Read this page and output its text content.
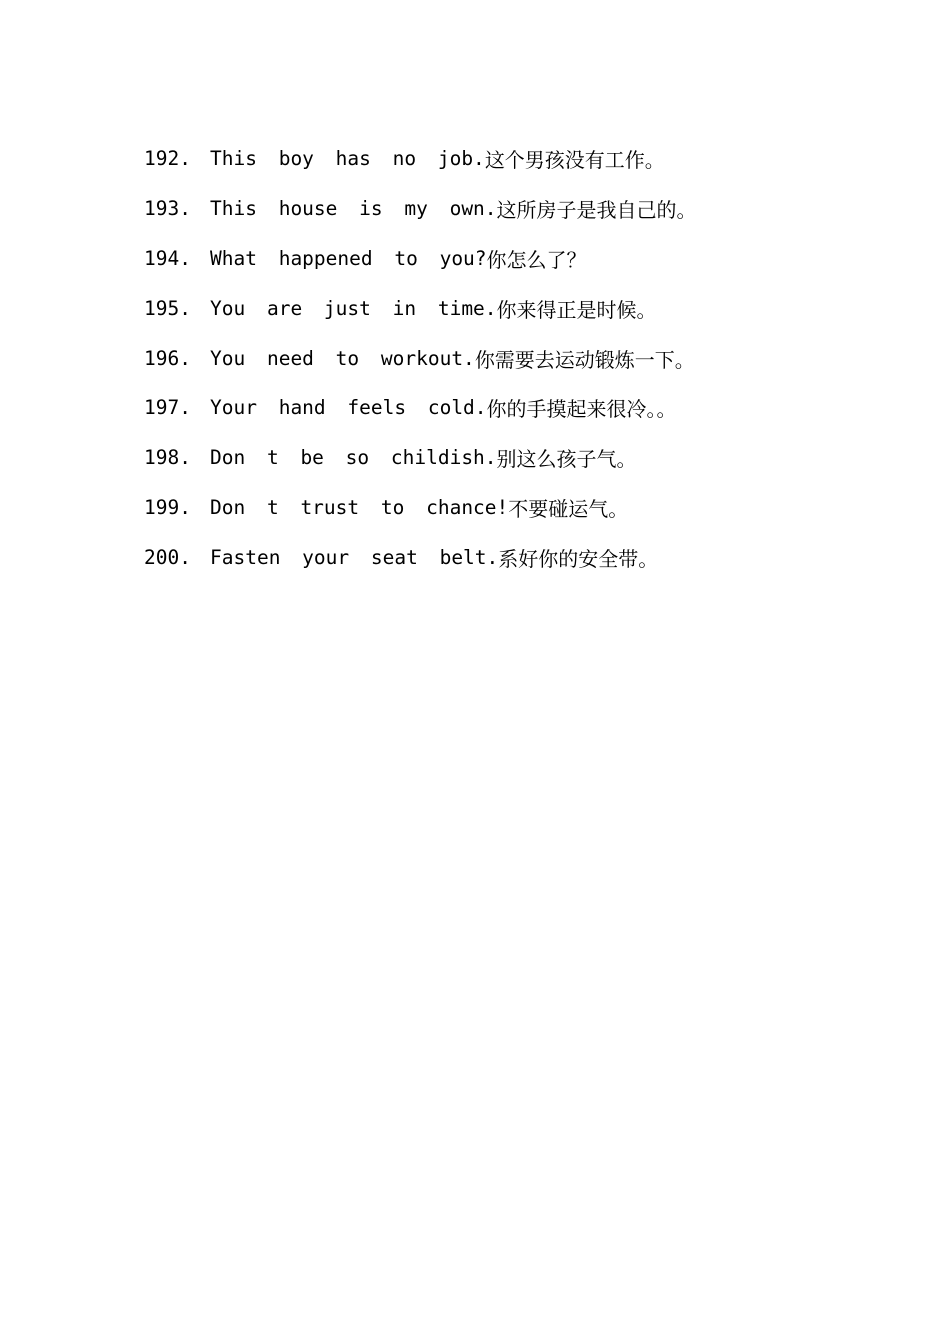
192. This boy has no job. 这个男孩没有工作。
193. This house is my own. 这所房子是我自己的。
194. What happened to you? 你怎么了？
195. You are just in time. 你来得正是时候。
196. You need to workout. 你需要去运动锻炼一下。
197. Your hand feels cold. 你的手摸起来很冷。。
198. Don t be so childish. 别这么孩子气。
199. Don t trust to chance! 不要碰运气。
200. Fasten your seat belt. 系好你的安全带。
